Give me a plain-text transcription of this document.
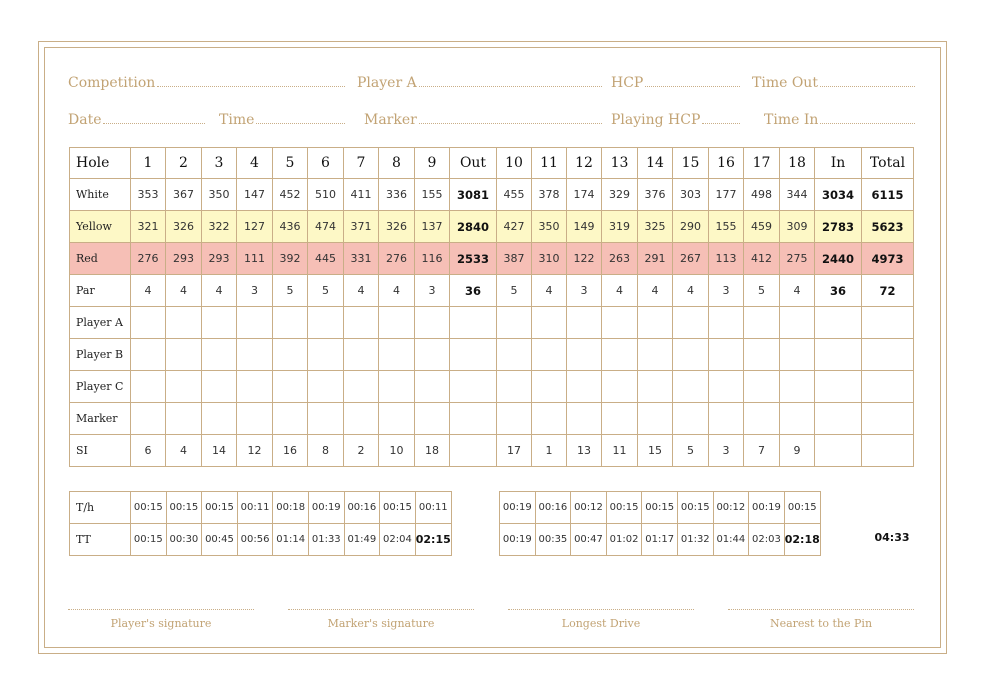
Competition	Player A	HCP	Time Out
Date	Time	Marker	Playing HCP	Time In
Hole	1	2	3	4	5	6	7	8	9	Out	10	11	12	13	14	15	16	17	18	In	Total
White	353	367	350	147	452	510	411	336	155	3081	455	378	174	329	376	303	177	498	344	3034	6115
Yellow	321	326	322	127	436	474	371	326	137	2840	427	350	149	319	325	290	155	459	309	2783	5623
Red	276	293	293	111	392	445	331	276	116	2533	387	310	122	263	291	267	113	412	275	2440	4973
Par	4	4	4	3	5	5	4	4	3	36	5	4	3	4	4	4	3	5	4	36	72
Player A																					
Player B																					
Player C																					
Marker																					
SI	6	4	14	12	16	8	2	10	18		17	1	13	11	15	5	3	7	9		
T/h	00:15	00:15	00:15	00:11	00:18	00:19	00:16	00:15	00:11
TT	00:15	00:30	00:45	00:56	01:14	01:33	01:49	02:04	02:15
00:19	00:16	00:12	00:15	00:15	00:15	00:12	00:19	00:15
00:19	00:35	00:47	01:02	01:17	01:32	01:44	02:03	02:18	04:33
Player's signature	Marker's signature	Longest Drive	Nearest to the Pin
